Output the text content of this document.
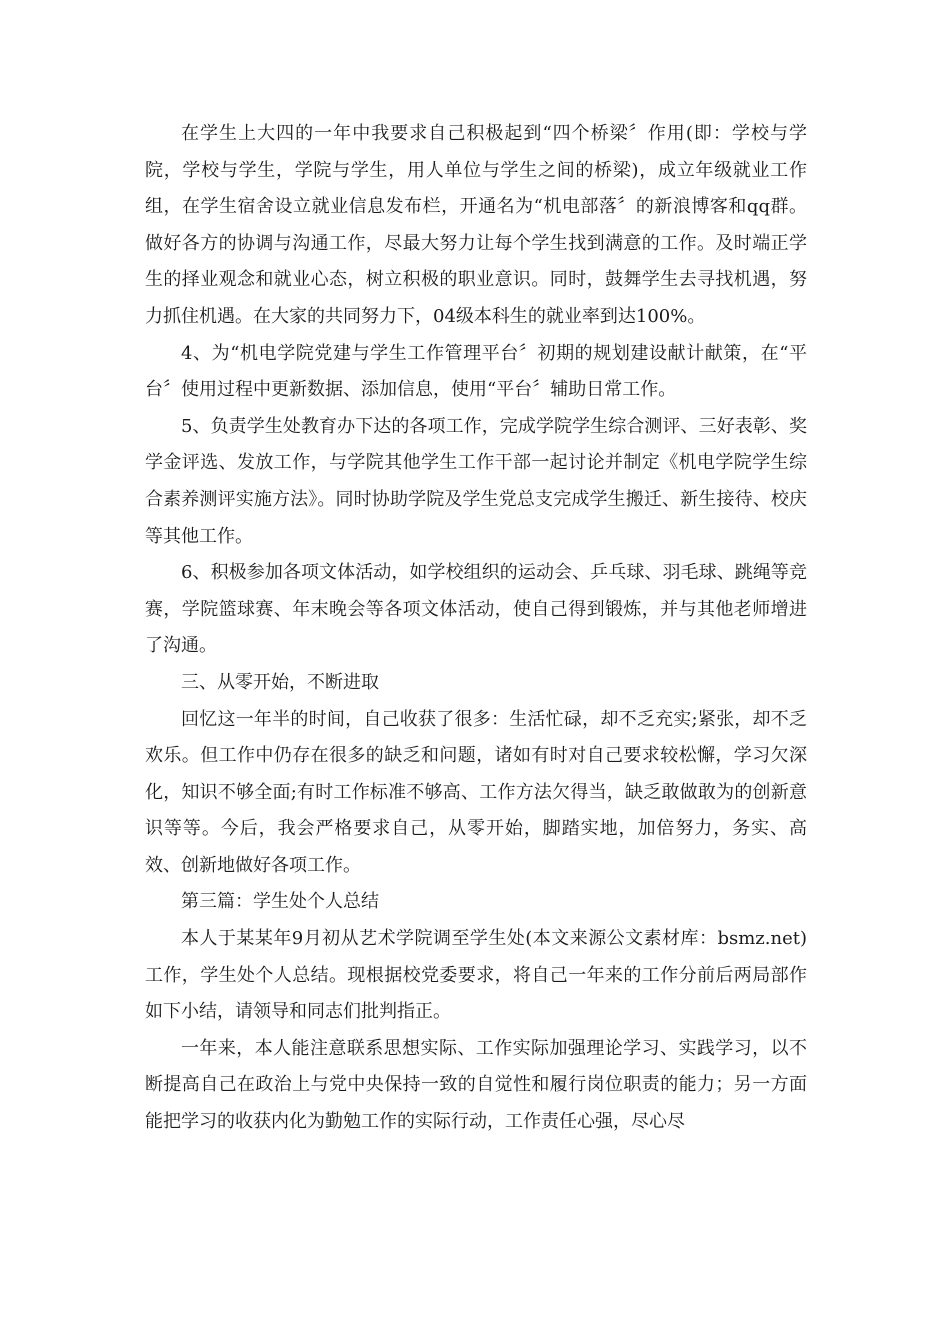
在学生上大四的一年中我要求自己积极起到“四个桥梁〞作用(即：学校与学院，学校与学生，学院与学生，用人单位与学生之间的桥梁)，成立年级就业工作组，在学生宿舍设立就业信息发布栏，开通名为“机电部落〞的新浪博客和qq群。做好各方的协调与沟通工作，尽最大努力让每个学生找到满意的工作。及时端正学生的择业观念和就业心态，树立积极的职业意识。同时，鼓舞学生去寻找机遇，努力抓住机遇。在大家的共同努力下，04级本科生的就业率到达100%。

4、为“机电学院党建与学生工作管理平台〞初期的规划建设献计献策，在“平台〞使用过程中更新数据、添加信息，使用“平台〞辅助日常工作。

5、负责学生处教育办下达的各项工作，完成学院学生综合测评、三好表彰、奖学金评选、发放工作，与学院其他学生工作干部一起讨论并制定《机电学院学生综合素养测评实施方法》。同时协助学院及学生党总支完成学生搬迁、新生接待、校庆等其他工作。

6、积极参加各项文体活动，如学校组织的运动会、乒乓球、羽毛球、跳绳等竞赛，学院篮球赛、年末晚会等各项文体活动，使自己得到锻炼，并与其他老师增进了沟通。

三、从零开始，不断进取

回忆这一年半的时间，自己收获了很多：生活忙碌，却不乏充实;紧张，却不乏欢乐。但工作中仍存在很多的缺乏和问题，诸如有时对自己要求较松懈，学习欠深化，知识不够全面;有时工作标准不够高、工作方法欠得当，缺乏敢做敢为的创新意识等等。今后，我会严格要求自己，从零开始，脚踏实地，加倍努力，务实、高效、创新地做好各项工作。

第三篇：学生处个人总结

本人于某某年9月初从艺术学院调至学生处(本文来源公文素材库：bsmz.net)工作，学生处个人总结。现根据校党委要求，将自己一年来的工作分前后两局部作如下小结，请领导和同志们批判指正。

一年来，本人能注意联系思想实际、工作实际加强理论学习、实践学习，以不断提高自己在政治上与党中央保持一致的自觉性和履行岗位职责的能力；另一方面能把学习的收获内化为勤勉工作的实际行动，工作责任心强，尽心尽
